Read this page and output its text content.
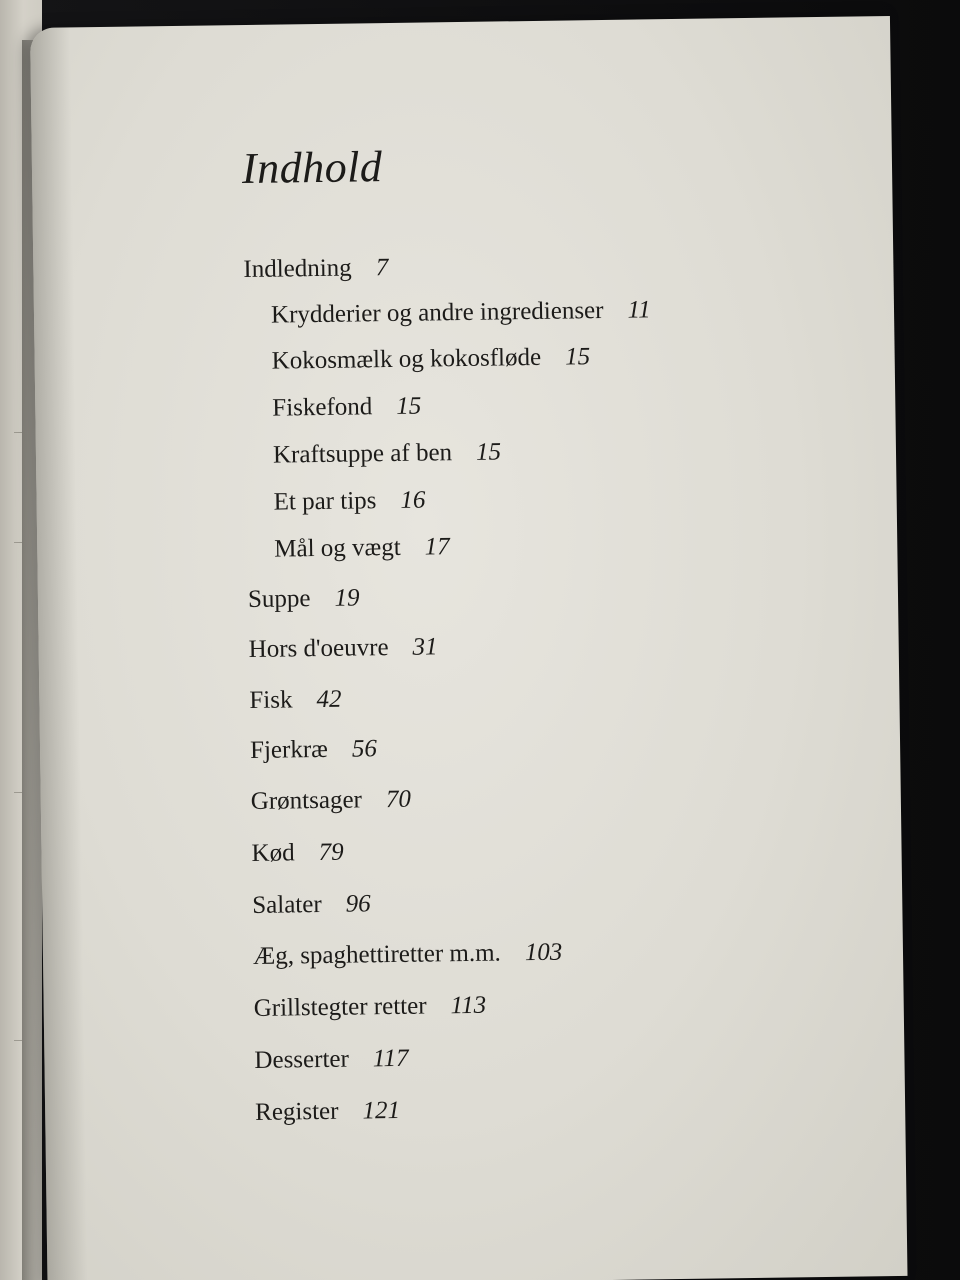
Indhold
Indledning 7
Krydderier og andre ingredienser 11
Kokosmælk og kokosfløde 15
Fiskefond 15
Kraftsuppe af ben 15
Et par tips 16
Mål og vægt 17
Suppe 19
Hors d'oeuvre 31
Fisk 42
Fjerkræ 56
Grøntsager 70
Kød 79
Salater 96
Æg, spaghettiretter m.m. 103
Grillstegter retter 113
Desserter 117
Register 121
